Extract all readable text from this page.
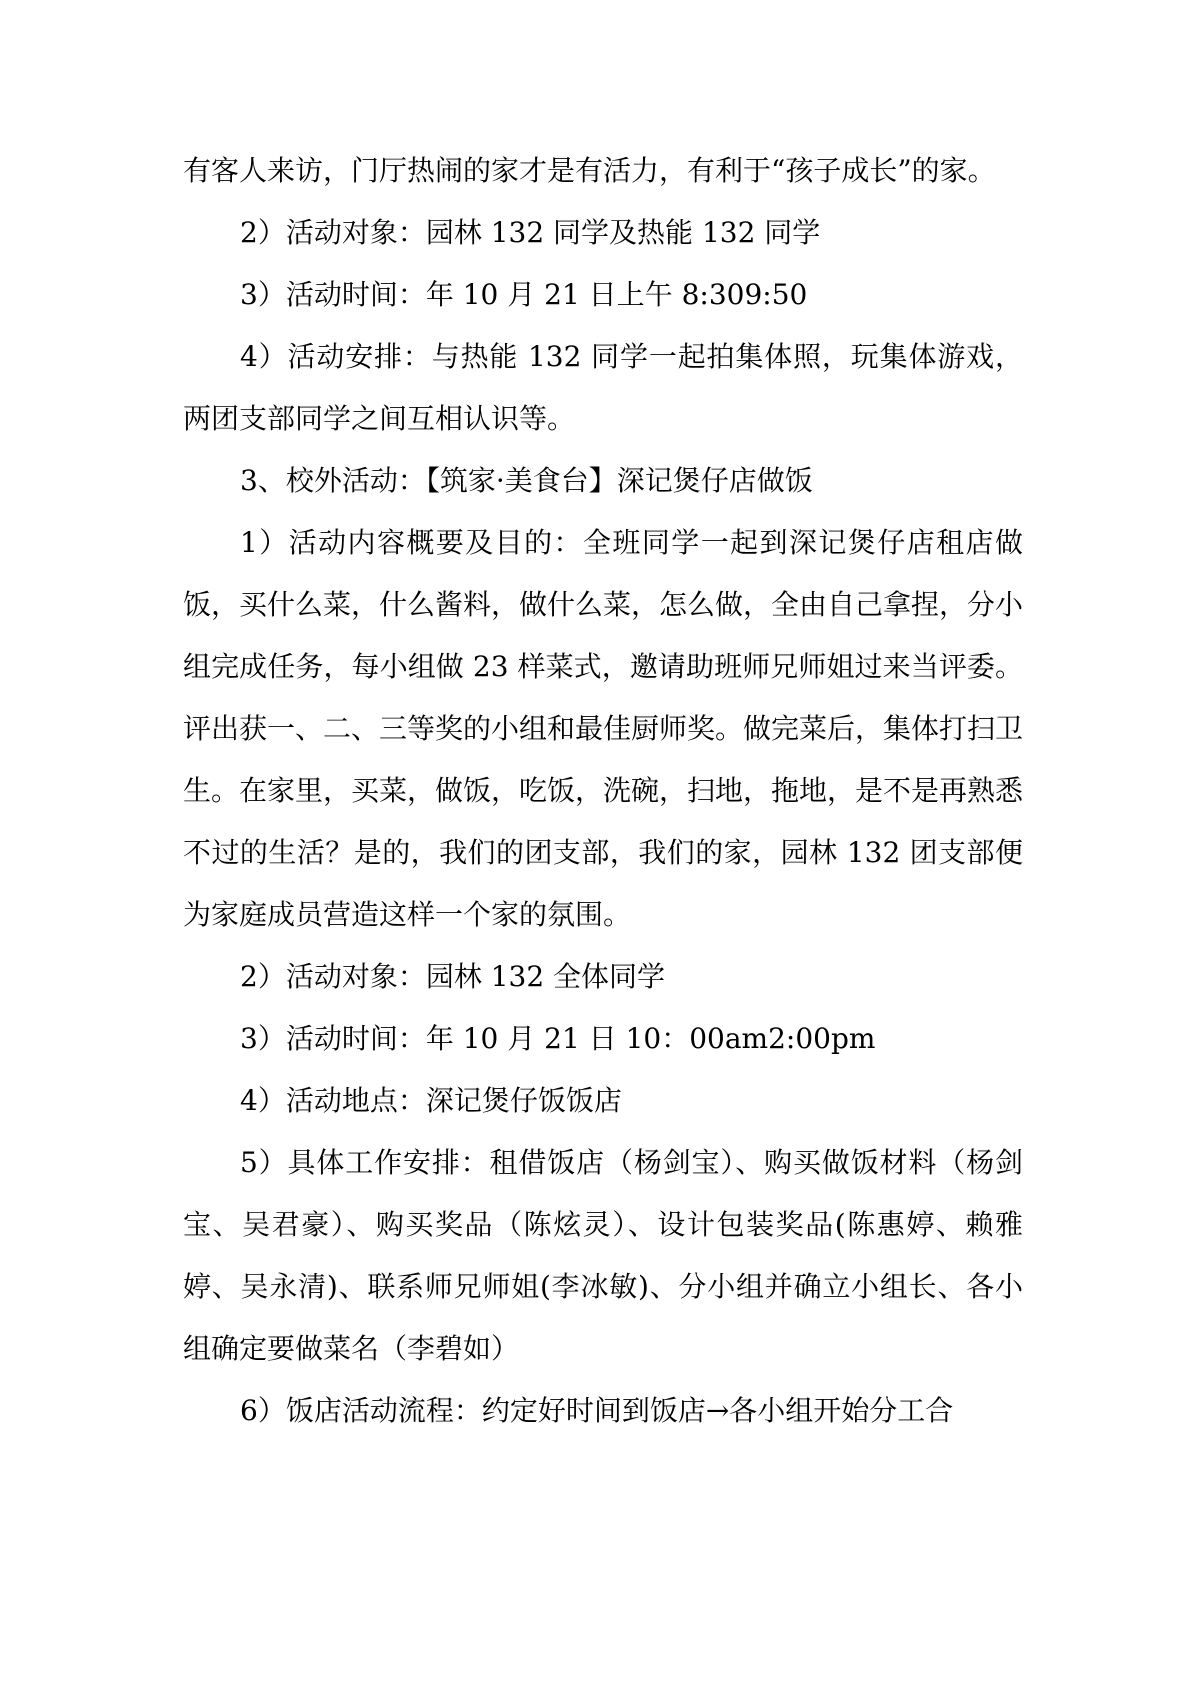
有客人来访，门厅热闹的家才是有活力，有利于“孩子成长”的家。

2）活动对象：园林 132 同学及热能 132 同学

3）活动时间：年 10 月 21 日上午 8:309:50

4）活动安排：与热能 132 同学一起拍集体照，玩集体游戏，两团支部同学之间互相认识等。

3、校外活动：【筑家·美食台】深记煲仔店做饭

1）活动内容概要及目的：全班同学一起到深记煲仔店租店做饭，买什么菜，什么酱料，做什么菜，怎么做，全由自己拿捏，分小组完成任务，每小组做 23 样菜式，邀请助班师兄师姐过来当评委。评出获一、二、三等奖的小组和最佳厨师奖。做完菜后，集体打扫卫生。在家里，买菜，做饭，吃饭，洗碗，扫地，拖地，是不是再熟悉不过的生活？是的，我们的团支部，我们的家，园林 132 团支部便为家庭成员营造这样一个家的氛围。

2）活动对象：园林 132 全体同学

3）活动时间：年 10 月 21 日 10：00am2:00pm

4）活动地点：深记煲仔饭饭店

5）具体工作安排：租借饭店（杨剑宝）、购买做饭材料（杨剑宝、吴君豪）、购买奖品（陈炫灵）、设计包装奖品(陈惠婷、赖雅婷、吴永清)、联系师兄师姐(李冰敏)、分小组并确立小组长、各小组确定要做菜名（李碧如）

6）饭店活动流程：约定好时间到饭店→各小组开始分工合
